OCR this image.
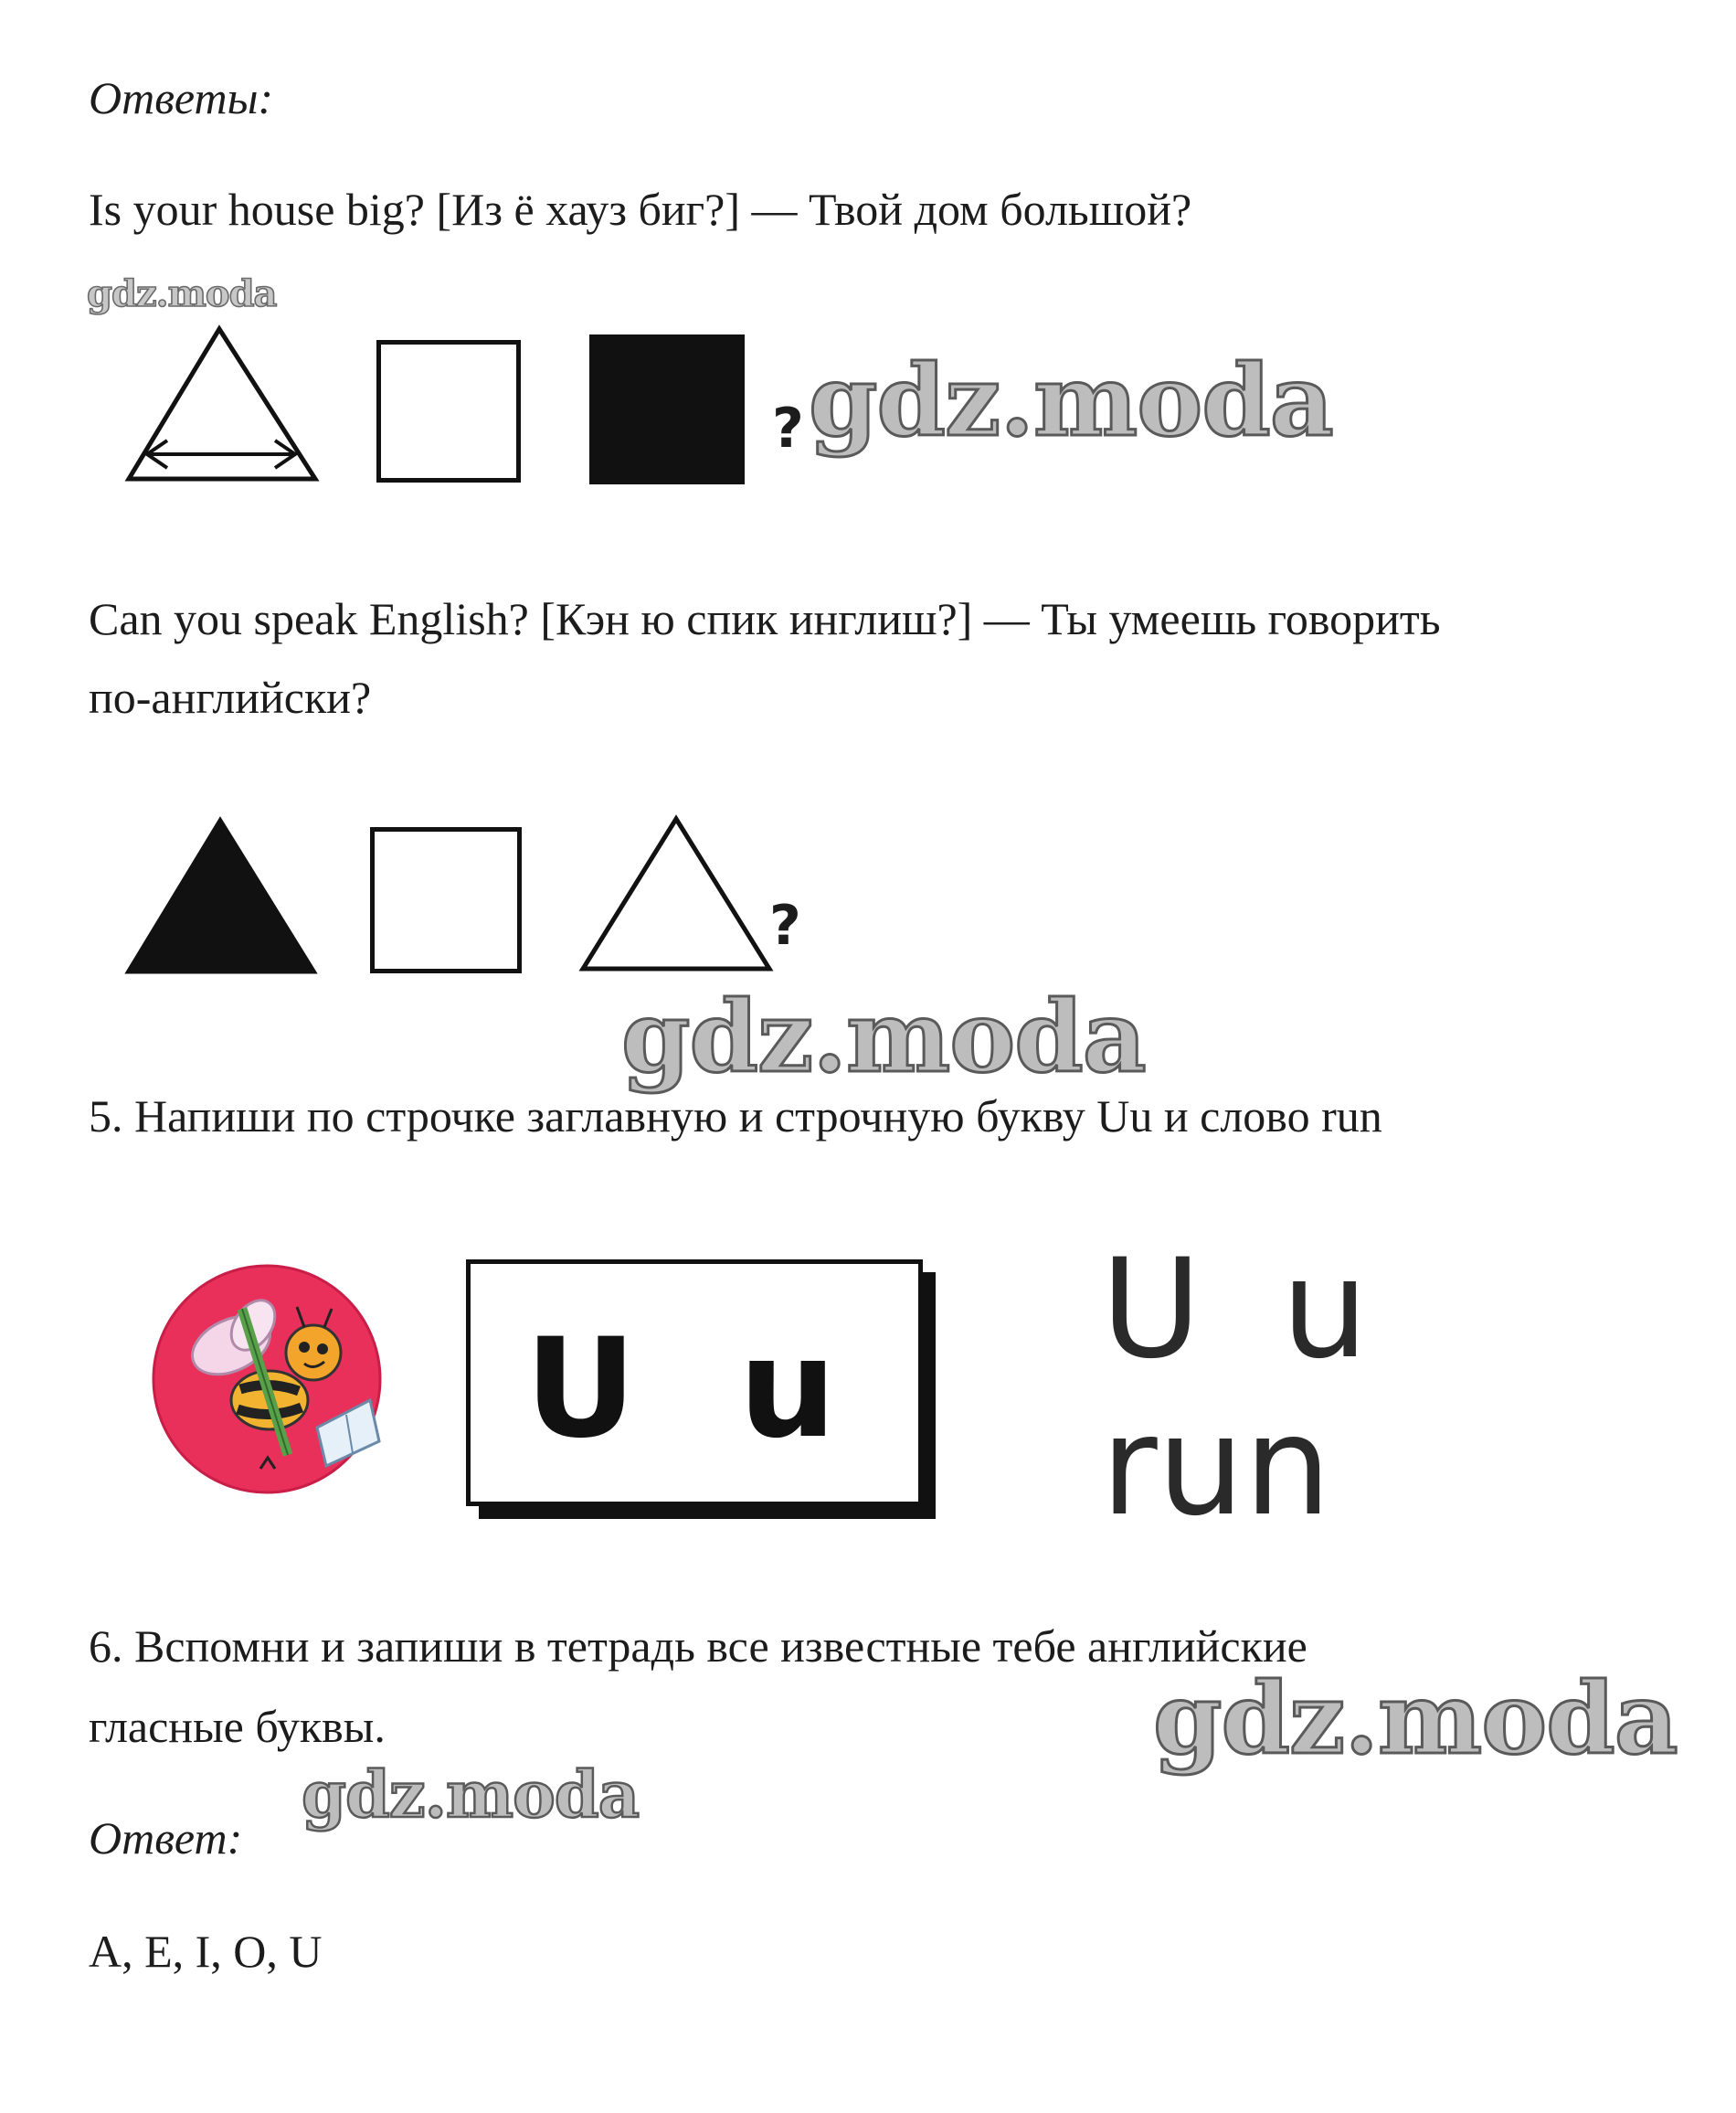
Ответы:
Is your house big? [Из ё хауз биг?] — Твой дом большой?
gdz.moda
? gdz.moda
Can you speak English? [Кэн ю спик инглиш?] — Ты умеешь говорить
по-английски?
?
gdz.moda
5. Напиши по строчке заглавную и строчную букву Uu и слово run
U u	U u
run
6. Вспомни и запиши в тетрадь все известные тебе английские
гласные буквы.	gdz.moda
gdz.moda
Ответ:
A, E, I, O, U
